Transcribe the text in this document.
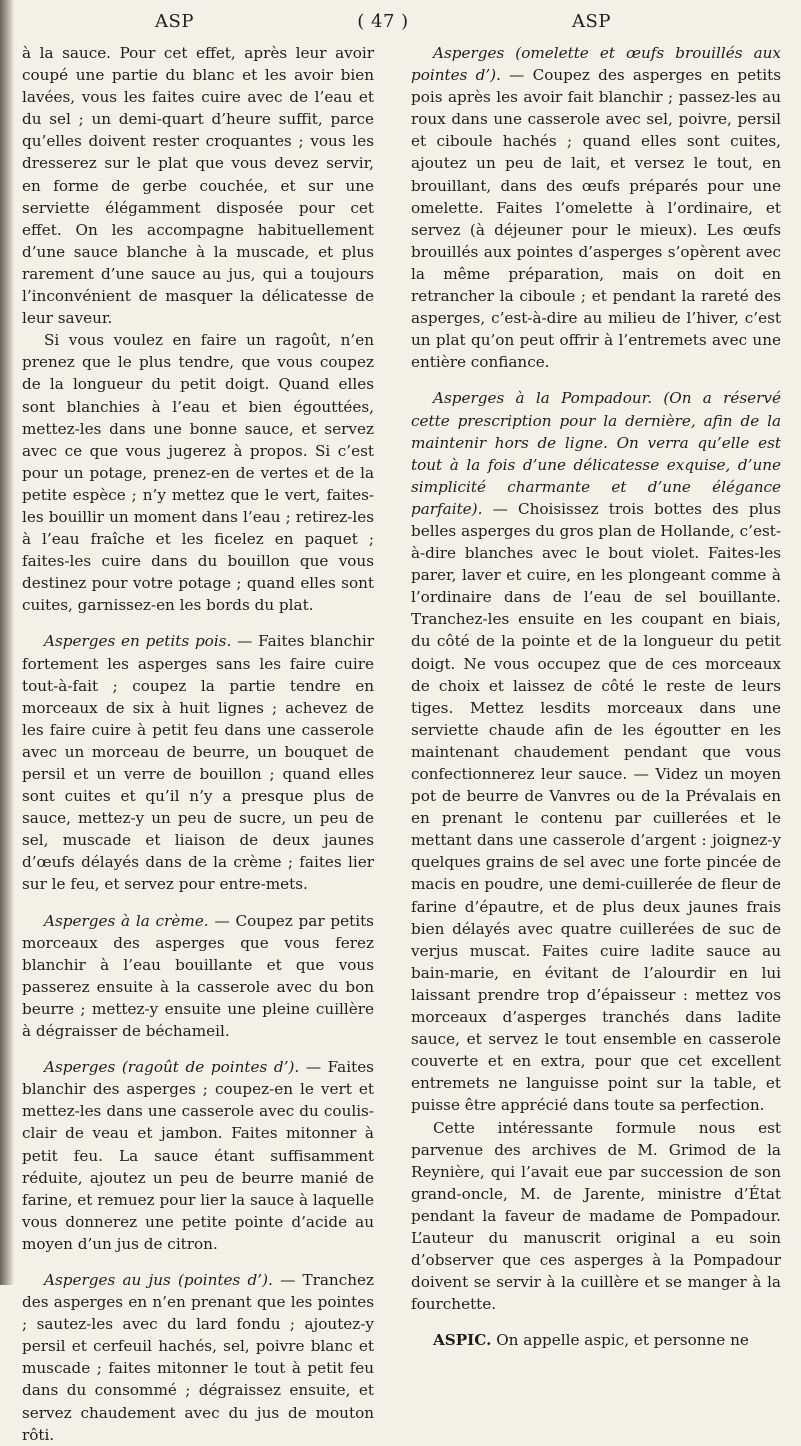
ASP	( 47 )	ASP

à la sauce. Pour cet effet, après leur avoir coupé une partie du blanc et les avoir bien lavées, vous les faites cuire avec de l’eau et du sel ; un demi-quart d’heure suffit, parce qu’elles doivent rester croquantes ; vous les dresserez sur le plat que vous devez servir, en forme de gerbe couchée, et sur une serviette élégamment disposée pour cet effet. On les accompagne habituellement d’une sauce blanche à la muscade, et plus rarement d’une sauce au jus, qui a toujours l’inconvénient de masquer la délicatesse de leur saveur.

Si vous voulez en faire un ragoût, n’en prenez que le plus tendre, que vous coupez de la longueur du petit doigt. Quand elles sont blanchies à l’eau et bien égouttées, mettez-les dans une bonne sauce, et servez avec ce que vous jugerez à propos. Si c’est pour un potage, prenez-en de vertes et de la petite espèce ; n’y mettez que le vert, faites-les bouillir un moment dans l’eau ; retirez-les à l’eau fraîche et les ficelez en paquet ; faites-les cuire dans du bouillon que vous destinez pour votre potage ; quand elles sont cuites, garnissez-en les bords du plat.

Asperges en petits pois. — Faites blanchir fortement les asperges sans les faire cuire tout-à-fait ; coupez la partie tendre en morceaux de six à huit lignes ; achevez de les faire cuire à petit feu dans une casserole avec un morceau de beurre, un bouquet de persil et un verre de bouillon ; quand elles sont cuites et qu’il n’y a presque plus de sauce, mettez-y un peu de sucre, un peu de sel, muscade et liaison de deux jaunes d’œufs délayés dans de la crème ; faites lier sur le feu, et servez pour entre-mets.

Asperges à la crème. — Coupez par petits morceaux des asperges que vous ferez blanchir à l’eau bouillante et que vous passerez ensuite à la casserole avec du bon beurre ; mettez-y ensuite une pleine cuillère à dégraisser de béchameil.

Asperges (ragoût de pointes d’). — Faites blanchir des asperges ; coupez-en le vert et mettez-les dans une casserole avec du coulis-clair de veau et jambon. Faites mitonner à petit feu. La sauce étant suffisamment réduite, ajoutez un peu de beurre manié de farine, et remuez pour lier la sauce à laquelle vous donnerez une petite pointe d’acide au moyen d’un jus de citron.

Asperges au jus (pointes d’). — Tranchez des asperges en n’en prenant que les pointes ; sautez-les avec du lard fondu ; ajoutez-y persil et cerfeuil hachés, sel, poivre blanc et muscade ; faites mitonner le tout à petit feu dans du consommé ; dégraissez ensuite, et servez chaudement avec du jus de mouton rôti.

Asperges (omelette et œufs brouillés aux pointes d’). — Coupez des asperges en petits pois après les avoir fait blanchir ; passez-les au roux dans une casserole avec sel, poivre, persil et ciboule hachés ; quand elles sont cuites, ajoutez un peu de lait, et versez le tout, en brouillant, dans des œufs préparés pour une omelette. Faites l’omelette à l’ordinaire, et servez (à déjeuner pour le mieux). Les œufs brouillés aux pointes d’asperges s’opèrent avec la même préparation, mais on doit en retrancher la ciboule ; et pendant la rareté des asperges, c’est-à-dire au milieu de l’hiver, c’est un plat qu’on peut offrir à l’entremets avec une entière confiance.

Asperges à la Pompadour. (On a réservé cette prescription pour la dernière, afin de la maintenir hors de ligne. On verra qu’elle est tout à la fois d’une délicatesse exquise, d’une simplicité charmante et d’une élégance parfaite). — Choisissez trois bottes des plus belles asperges du gros plan de Hollande, c’est-à-dire blanches avec le bout violet. Faites-les parer, laver et cuire, en les plongeant comme à l’ordinaire dans de l’eau de sel bouillante. Tranchez-les ensuite en les coupant en biais, du côté de la pointe et de la longueur du petit doigt. Ne vous occupez que de ces morceaux de choix et laissez de côté le reste de leurs tiges. Mettez lesdits morceaux dans une serviette chaude afin de les égoutter en les maintenant chaudement pendant que vous confectionnerez leur sauce. — Videz un moyen pot de beurre de Vanvres ou de la Prévalais en en prenant le contenu par cuillerées et le mettant dans une casserole d’argent : joignez-y quelques grains de sel avec une forte pincée de macis en poudre, une demi-cuillerée de fleur de farine d’épautre, et de plus deux jaunes frais bien délayés avec quatre cuillerées de suc de verjus muscat. Faites cuire ladite sauce au bain-marie, en évitant de l’alourdir en lui laissant prendre trop d’épaisseur : mettez vos morceaux d’asperges tranchés dans ladite sauce, et servez le tout ensemble en casserole couverte et en extra, pour que cet excellent entremets ne languisse point sur la table, et puisse être apprécié dans toute sa perfection.

Cette intéressante formule nous est parvenue des archives de M. Grimod de la Reynière, qui l’avait eue par succession de son grand-oncle, M. de Jarente, ministre d’État pendant la faveur de madame de Pompadour. L’auteur du manuscrit original a eu soin d’observer que ces asperges à la Pompadour doivent se servir à la cuillère et se manger à la fourchette.

ASPIC. On appelle aspic, et personne ne
